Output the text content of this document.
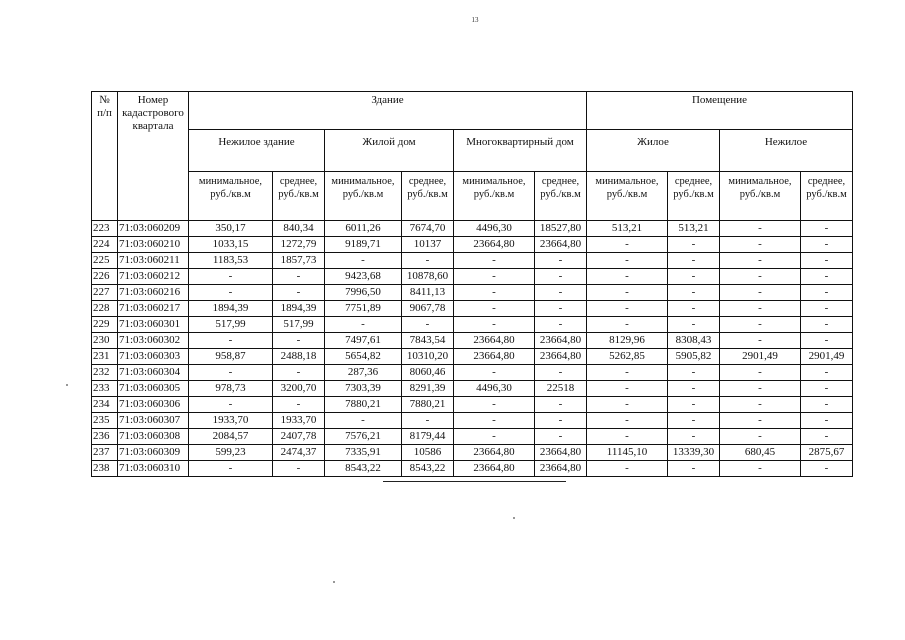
13
№ п/п	Номер кадастрового квартала	Здание						Помещение			
		Нежилое здание		Жилой дом		Многоквартирный дом		Жилое		Нежилое	
		минимальное, руб./кв.м	среднее, руб./кв.м	минимальное, руб./кв.м	среднее, руб./кв.м	минимальное, руб./кв.м	среднее, руб./кв.м	минимальное, руб./кв.м	среднее, руб./кв.м	минимальное, руб./кв.м	среднее, руб./кв.м
223	71:03:060209	350,17	840,34	6011,26	7674,70	4496,30	18527,80	513,21	513,21	-	-
224	71:03:060210	1033,15	1272,79	9189,71	10137	23664,80	23664,80	-	-	-	-
225	71:03:060211	1183,53	1857,73	-	-	-	-	-	-	-	-
226	71:03:060212	-	-	9423,68	10878,60	-	-	-	-	-	-
227	71:03:060216	-	-	7996,50	8411,13	-	-	-	-	-	-
228	71:03:060217	1894,39	1894,39	7751,89	9067,78	-	-	-	-	-	-
229	71:03:060301	517,99	517,99	-	-	-	-	-	-	-	-
230	71:03:060302	-	-	7497,61	7843,54	23664,80	23664,80	8129,96	8308,43	-	-
231	71:03:060303	958,87	2488,18	5654,82	10310,20	23664,80	23664,80	5262,85	5905,82	2901,49	2901,49
232	71:03:060304	-	-	287,36	8060,46	-	-	-	-	-	-
233	71:03:060305	978,73	3200,70	7303,39	8291,39	4496,30	22518	-	-	-	-
234	71:03:060306	-	-	7880,21	7880,21	-	-	-	-	-	-
235	71:03:060307	1933,70	1933,70	-	-	-	-	-	-	-	-
236	71:03:060308	2084,57	2407,78	7576,21	8179,44	-	-	-	-	-	-
237	71:03:060309	599,23	2474,37	7335,91	10586	23664,80	23664,80	11145,10	13339,30	680,45	2875,67
238	71:03:060310	-	-	8543,22	8543,22	23664,80	23664,80	-	-	-	-
